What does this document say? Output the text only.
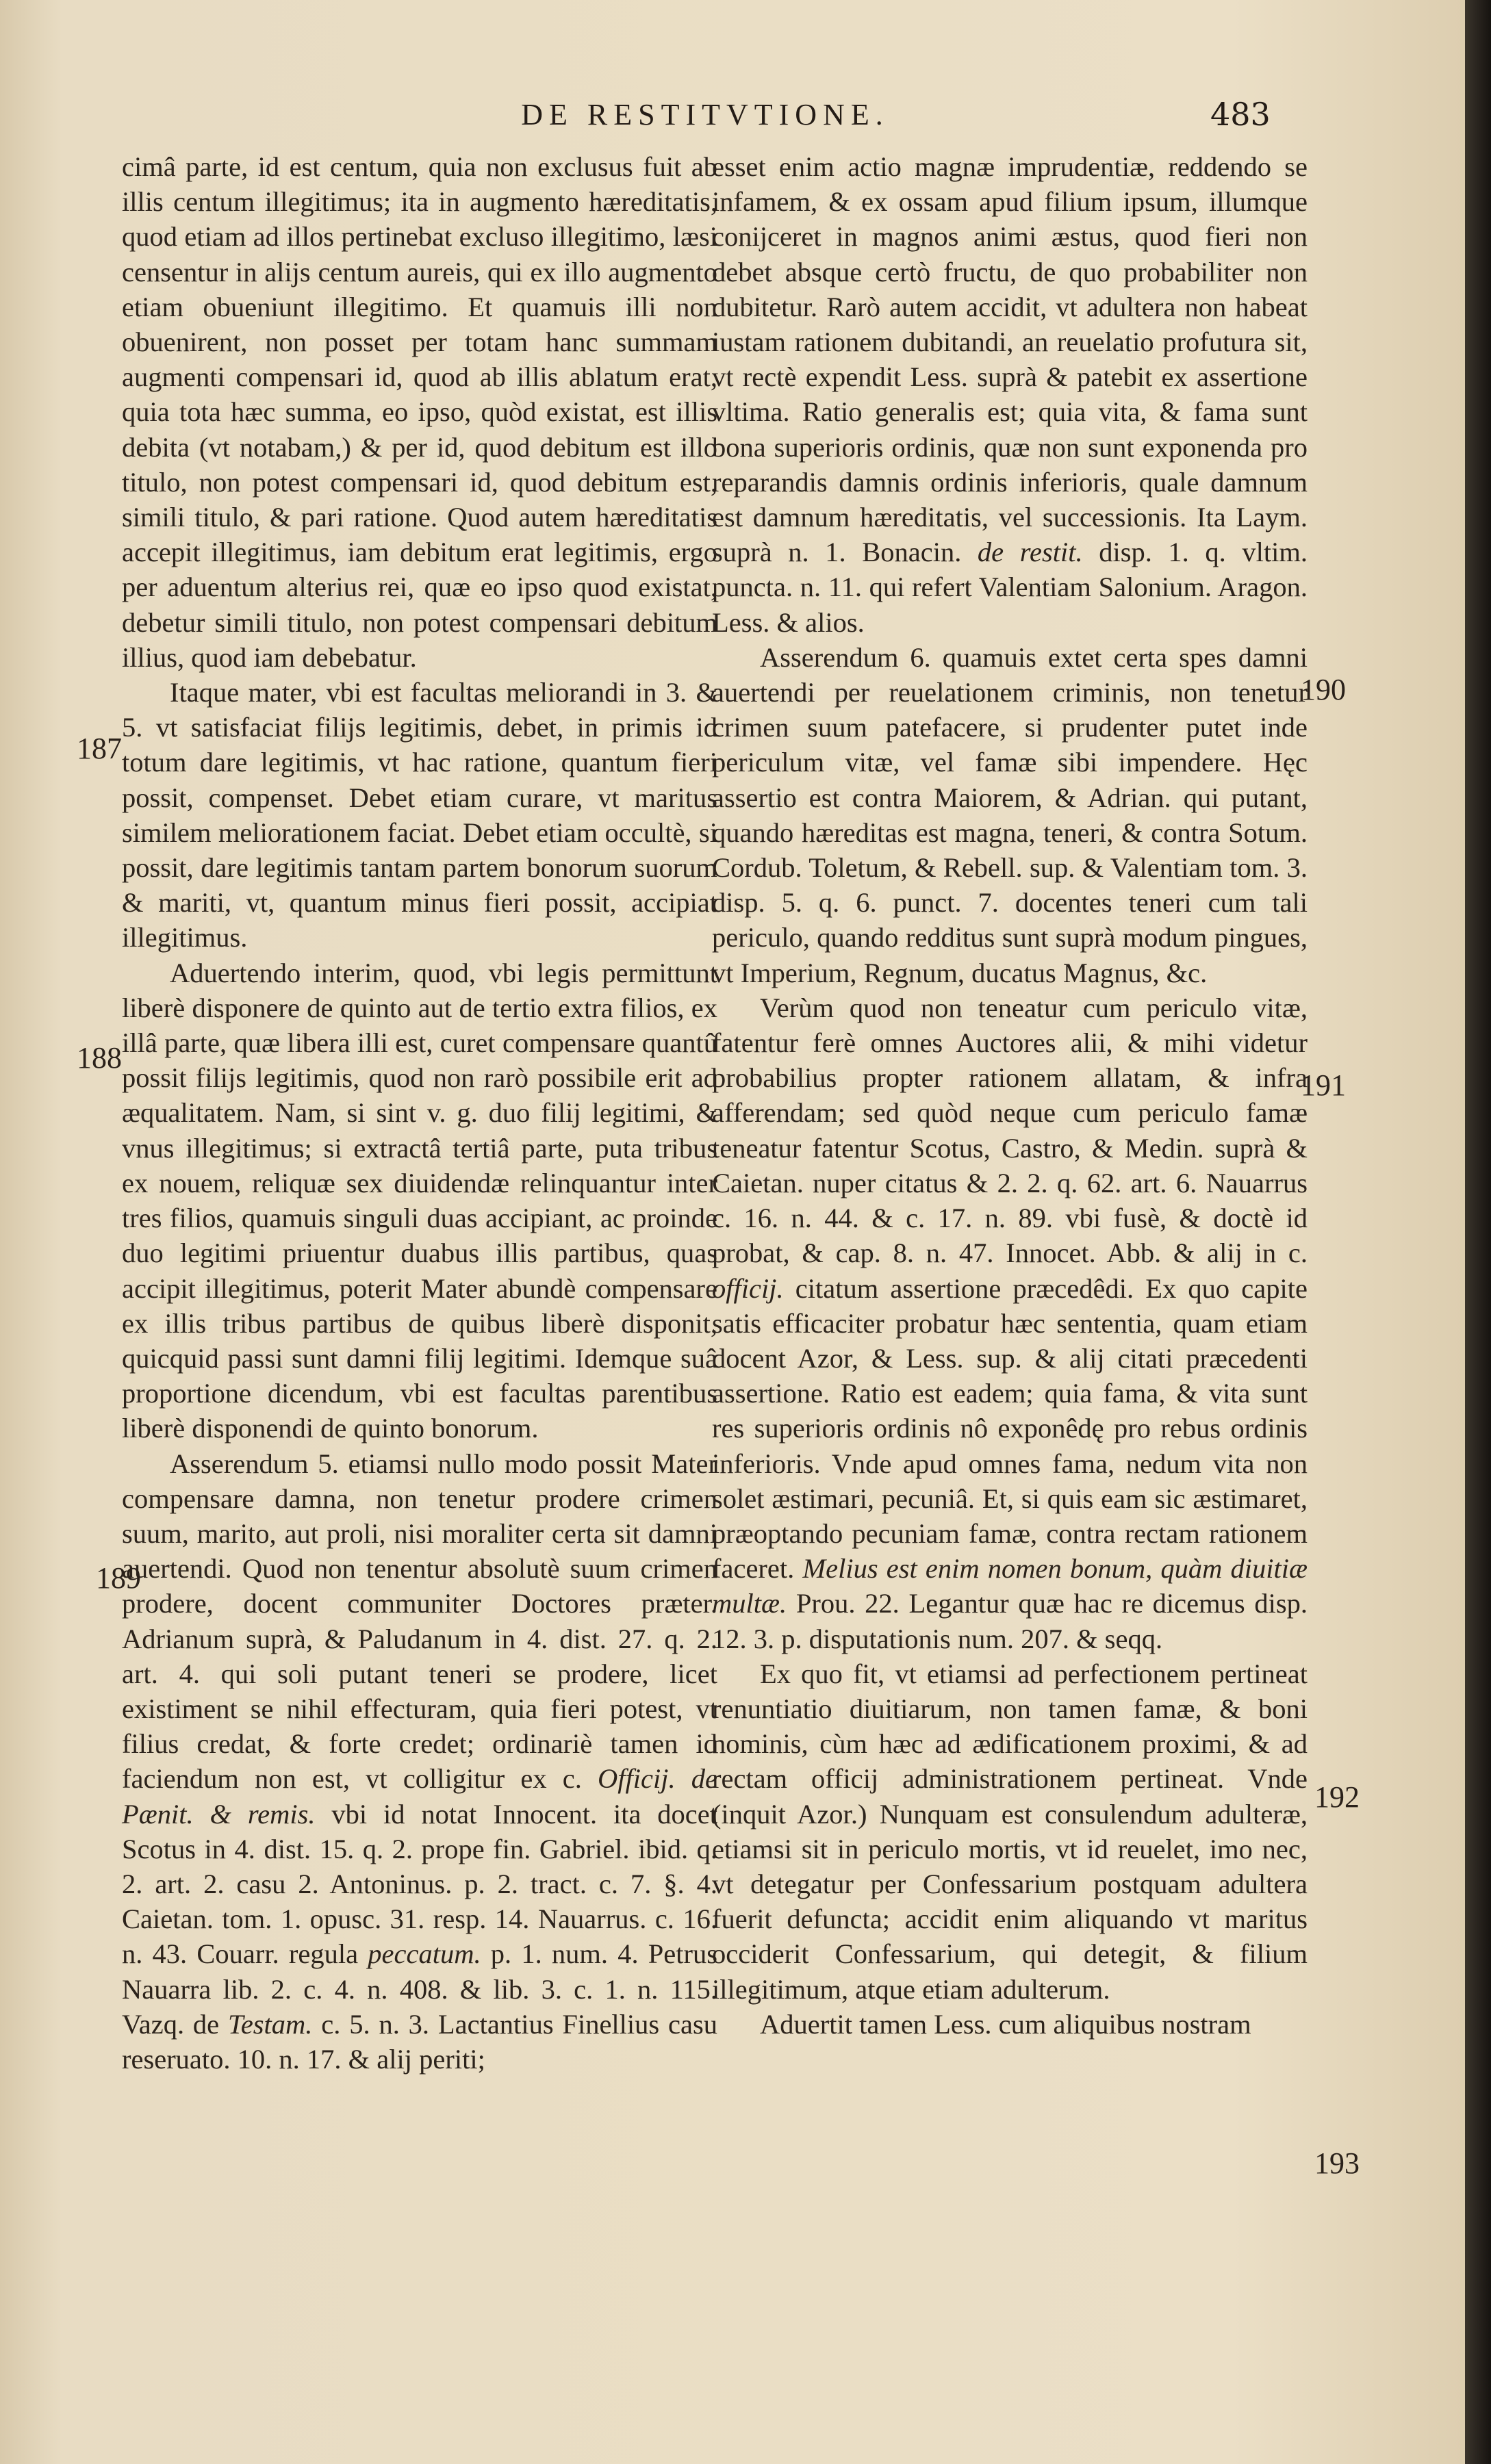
DE RESTITVTIONE.	483

cimâ parte, id est centum, quia non exclusus fuit ab illis centum illegitimus; ita in augmento hæreditatis, quod etiam ad illos pertinebat excluso illegitimo, læsi censentur in alijs centum aureis, qui ex illo augmento etiam obueniunt illegitimo. Et quamuis illi non obuenirent, non posset per totam hanc summam augmenti compensari id, quod ab illis ablatum erat, quia tota hæc summa, eo ipso, quòd existat, est illis debita (vt notabam,) & per id, quod debitum est illo titulo, non potest compensari id, quod debitum est, simili titulo, & pari ratione. Quod autem hæreditatis accepit illegitimus, iam debitum erat legitimis, ergo per aduentum alterius rei, quæ eo ipso quod existat, debetur simili titulo, non potest compensari debitum illius, quod iam debebatur.

Itaque mater, vbi est facultas meliorandi in 3. & 5. vt satisfaciat filijs legitimis, debet, in primis id totum dare legitimis, vt hac ratione, quantum fieri possit, compenset. Debet etiam curare, vt maritus similem meliorationem faciat. Debet etiam occultè, si possit, dare legitimis tantam partem bonorum suorum & mariti, vt, quantum minus fieri possit, accipiat illegitimus.

Aduertendo interim, quod, vbi legis permittunt liberè disponere de quinto aut de tertio extra filios, ex illâ parte, quæ libera illi est, curet compensare quantû possit filijs legitimis, quod non rarò possibile erit ad æqualitatem. Nam, si sint v. g. duo filij legitimi, & vnus illegitimus; si extractâ tertiâ parte, puta tribus ex nouem, reliquæ sex diuidendæ relinquantur inter tres filios, quamuis singuli duas accipiant, ac proinde duo legitimi priuentur duabus illis partibus, quas accipit illegitimus, poterit Mater abundè compensare ex illis tribus partibus de quibus liberè disponit, quicquid passi sunt damni filij legitimi. Idemque suâ proportione dicendum, vbi est facultas parentibus liberè disponendi de quinto bonorum.

Asserendum 5. etiamsi nullo modo possit Mater compensare damna, non tenetur prodere crimen suum, marito, aut proli, nisi moraliter certa sit damni auertendi. Quod non tenentur absolutè suum crimen prodere, docent communiter Doctores præter. Adrianum suprà, & Paludanum in 4. dist. 27. q. 2. art. 4. qui soli putant teneri se prodere, licet existiment se nihil effecturam, quia fieri potest, vt filius credat, & forte credet; ordinariè tamen id faciendum non est, vt colligitur ex c. Officij. de Pænit. & remis. vbi id notat Innocent. ita docet Scotus in 4. dist. 15. q. 2. prope fin. Gabriel. ibid. q. 2. art. 2. casu 2. Antoninus. p. 2. tract. c. 7. §. 4. Caietan. tom. 1. opusc. 31. resp. 14. Nauarrus. c. 16. n. 43. Couarr. regula peccatum. p. 1. num. 4. Petrus Nauarra lib. 2. c. 4. n. 408. & lib. 3. c. 1. n. 115. Vazq. de Testam. c. 5. n. 3. Lactantius Finellius casu reseruato. 10. n. 17. & alij periti;

esset enim actio magnæ imprudentiæ, reddendo se infamem, & ex ossam apud filium ipsum, illumque conijceret in magnos animi æstus, quod fieri non debet absque certò fructu, de quo probabiliter non dubitetur. Rarò autem accidit, vt adultera non habeat iustam rationem dubitandi, an reuelatio profutura sit, vt rectè expendit Less. suprà & patebit ex assertione vltima. Ratio generalis est; quia vita, & fama sunt bona superioris ordinis, quæ non sunt exponenda pro reparandis damnis ordinis inferioris, quale damnum est damnum hæreditatis, vel successionis. Ita Laym. suprà n. 1. Bonacin. de restit. disp. 1. q. vltim. puncta. n. 11. qui refert Valentiam Salonium. Aragon. Less. & alios.

Asserendum 6. quamuis extet certa spes damni auertendi per reuelationem criminis, non tenetur crimen suum patefacere, si prudenter putet inde periculum vitæ, vel famæ sibi impendere. Hęc assertio est contra Maiorem, & Adrian. qui putant, quando hæreditas est magna, teneri, & contra Sotum. Cordub. Toletum, & Rebell. sup. & Valentiam tom. 3. disp. 5. q. 6. punct. 7. docentes teneri cum tali periculo, quando redditus sunt suprà modum pingues, vt Imperium, Regnum, ducatus Magnus, &c.

Verùm quod non teneatur cum periculo vitæ, fatentur ferè omnes Auctores alii, & mihi videtur probabilius propter rationem allatam, & infra afferendam; sed quòd neque cum periculo famæ teneatur fatentur Scotus, Castro, & Medin. suprà & Caietan. nuper citatus & 2. 2. q. 62. art. 6. Nauarrus c. 16. n. 44. & c. 17. n. 89. vbi fusè, & doctè id probat, & cap. 8. n. 47. Innocet. Abb. & alij in c. officij. citatum assertione præcedêdi. Ex quo capite satis efficaciter probatur hæc sententia, quam etiam docent Azor, & Less. sup. & alij citati præcedenti assertione. Ratio est eadem; quia fama, & vita sunt res superioris ordinis nô exponêdę pro rebus ordinis inferioris. Vnde apud omnes fama, nedum vita non solet æstimari, pecuniâ. Et, si quis eam sic æstimaret, præoptando pecuniam famæ, contra rectam rationem faceret. Melius est enim nomen bonum, quàm diuitiæ multæ. Prou. 22. Legantur quæ hac re dicemus disp. 12. 3. p. disputationis num. 207. & seqq.

Ex quo fit, vt etiamsi ad perfectionem pertineat renuntiatio diuitiarum, non tamen famæ, & boni nominis, cùm hæc ad ædificationem proximi, & ad rectam officij administrationem pertineat. Vnde (inquit Azor.) Nunquam est consulendum adulteræ, etiamsi sit in periculo mortis, vt id reuelet, imo nec, vt detegatur per Confessarium postquam adultera fuerit defuncta; accidit enim aliquando vt maritus occiderit Confessarium, qui detegit, & filium illegitimum, atque etiam adulterum.

Aduertit tamen Less. cum aliquibus nostram

187
188
189
190
191
192
193
